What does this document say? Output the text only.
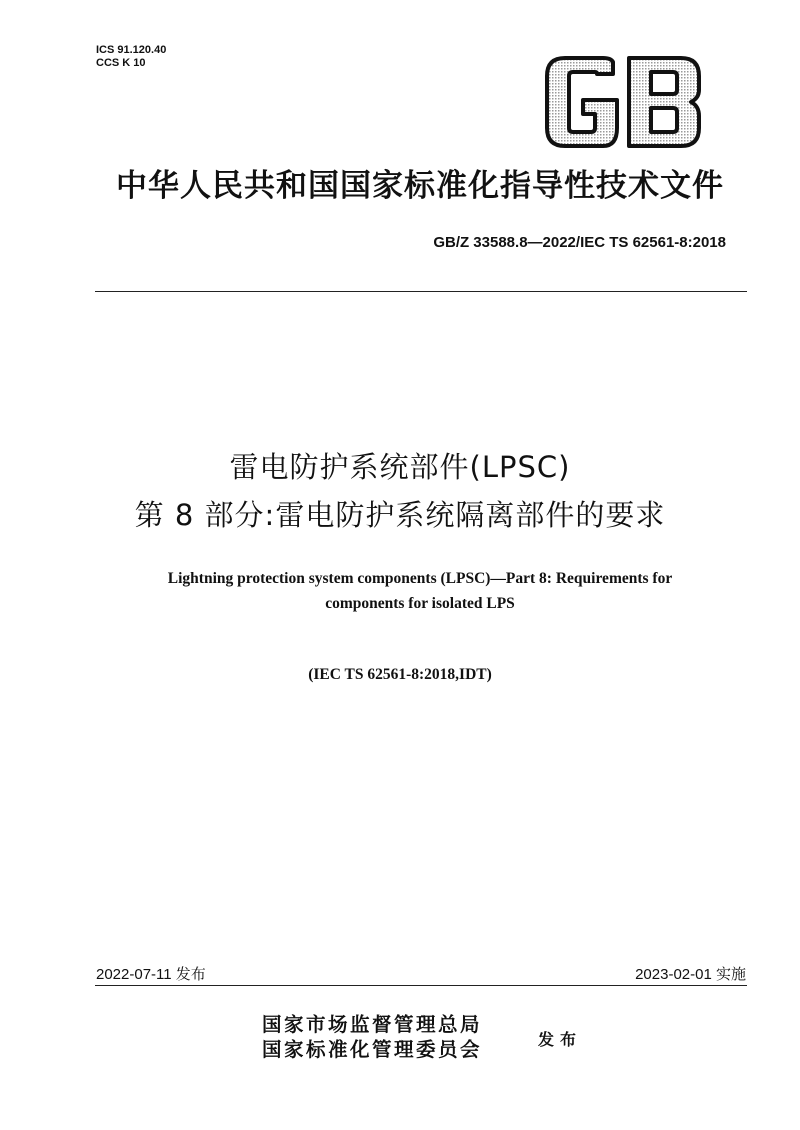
ICS 91.120.40
CCS K 10
中华人民共和国国家标准化指导性技术文件
GB/Z 33588.8—2022/IEC TS 62561-8:2018
雷电防护系统部件(LPSC)
第 8 部分:雷电防护系统隔离部件的要求
Lightning protection system components (LPSC)—Part 8: Requirements for
components for isolated LPS
(IEC TS 62561-8:2018,IDT)
2022-07-11 发布	2023-02-01 实施
国家市场监督管理总局
国家标准化管理委员会	发布
